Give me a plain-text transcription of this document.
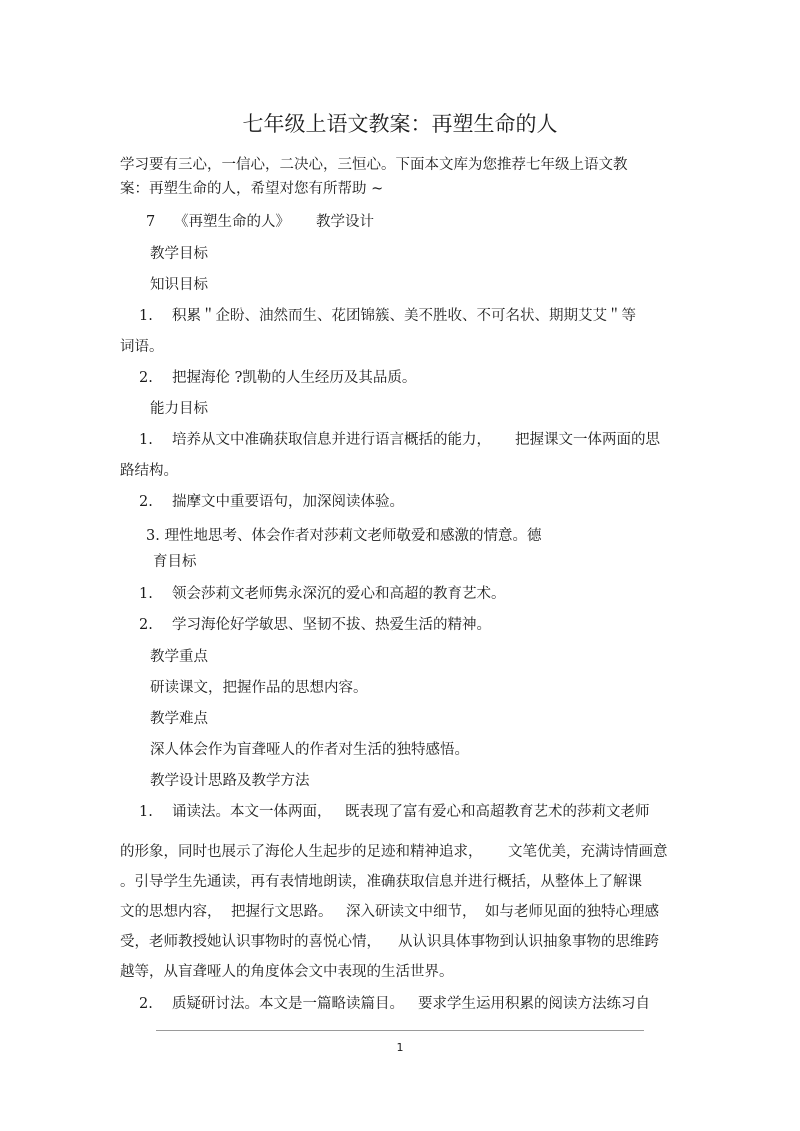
七年级上语文教案：再塑生命的人
学习要有三心，一信心，二决心，三恒心。下面本文库为您推荐七年级上语文教
案：再塑生命的人，希望对您有所帮助 ~
7 《再塑生命的人》 教学设计
教学目标
知识目标
1. 积累＂企盼、油然而生、花团锦簇、美不胜收、不可名状、期期艾艾＂等
词语。
2. 把握海伦 ?凯勒的人生经历及其品质。
能力目标
1. 培养从文中准确获取信息并进行语言概括的能力， 把握课文一体两面的思
路结构。
2. 揣摩文中重要语句，加深阅读体验。
3. 理性地思考、体会作者对莎莉文老师敬爱和感激的情意。德
育目标
1. 领会莎莉文老师隽永深沉的爱心和高超的教育艺术。
2. 学习海伦好学敏思、坚韧不拔、热爱生活的精神。
教学重点
研读课文，把握作品的思想内容。
教学难点
深人体会作为盲聋哑人的作者对生活的独特感悟。
教学设计思路及教学方法
1. 诵读法。本文一体两面， 既表现了富有爱心和高超教育艺术的莎莉文老师
的形象，同时也展示了海伦人生起步的足迹和精神追求， 文笔优美，充满诗情画意
。引导学生先通读，再有表情地朗读，准确获取信息并进行概括，从整体上了解课
文的思想内容， 把握行文思路。 深入研读文中细节， 如与老师见面的独特心理感
受，老师教授她认识事物时的喜悦心情， 从认识具体事物到认识抽象事物的思维跨
越等，从盲聋哑人的角度体会文中表现的生活世界。
2. 质疑研讨法。本文是一篇略读篇目。 要求学生运用积累的阅读方法练习自
1
